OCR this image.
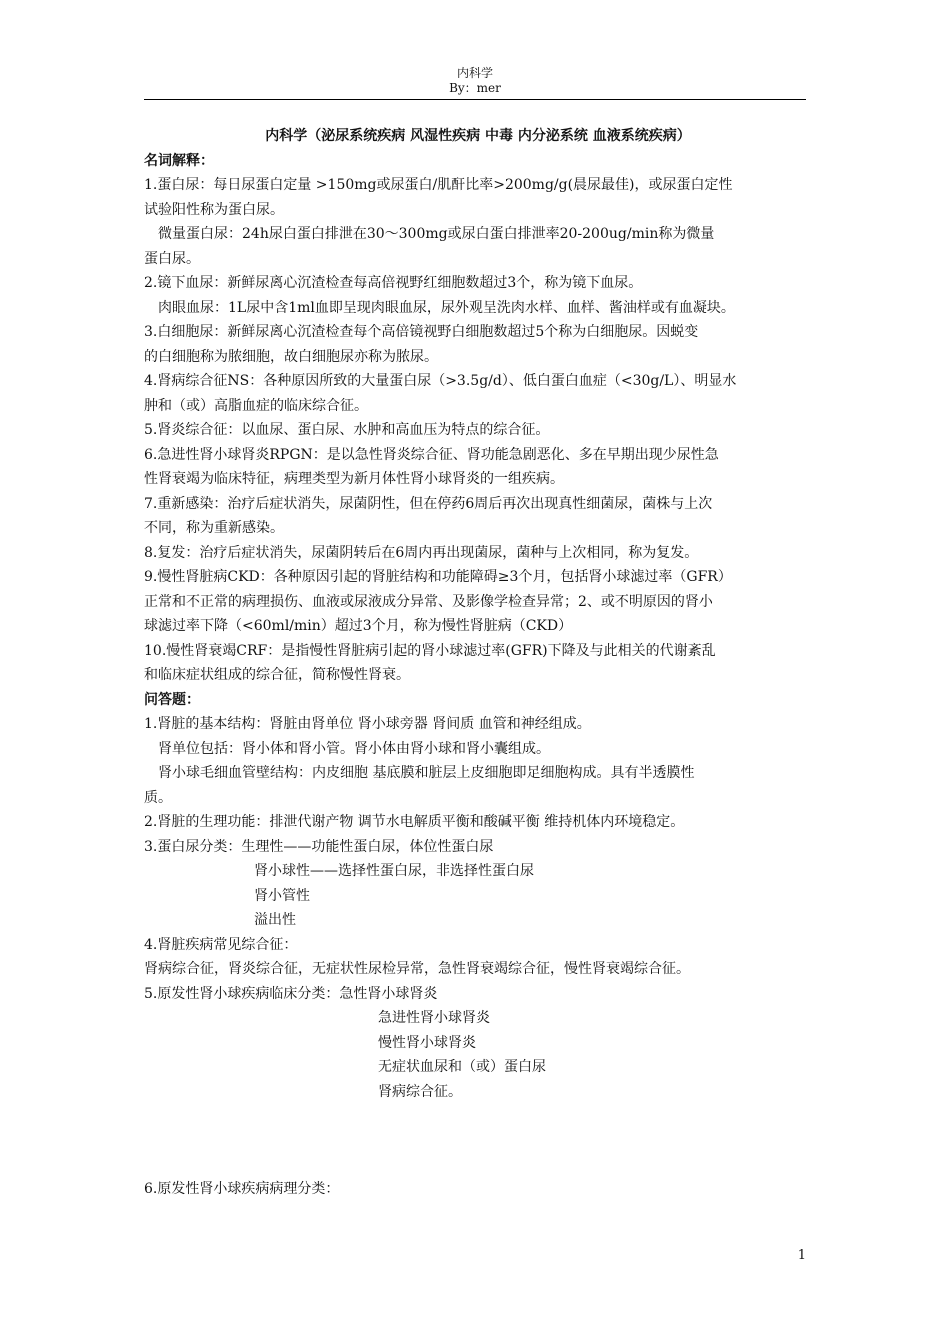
内科学
By：mer

内科学（泌尿系统疾病 风湿性疾病 中毒 内分泌系统 血液系统疾病）

名词解释：

1.蛋白尿：每日尿蛋白定量 >150mg或尿蛋白/肌酐比率>200mg/g(晨尿最佳)，或尿蛋白定性

试验阳性称为蛋白尿。

微量蛋白尿：24h尿白蛋白排泄在30～300mg或尿白蛋白排泄率20-200ug/min称为微量

蛋白尿。

2.镜下血尿：新鲜尿离心沉渣检查每高倍视野红细胞数超过3个，称为镜下血尿。

肉眼血尿：1L尿中含1ml血即呈现肉眼血尿，尿外观呈洗肉水样、血样、酱油样或有血凝块。

3.白细胞尿：新鲜尿离心沉渣检查每个高倍镜视野白细胞数超过5个称为白细胞尿。因蜕变

的白细胞称为脓细胞，故白细胞尿亦称为脓尿。

4.肾病综合征NS：各种原因所致的大量蛋白尿（>3.5g/d）、低白蛋白血症（<30g/L）、明显水

肿和（或）高脂血症的临床综合征。

5.肾炎综合征：以血尿、蛋白尿、水肿和高血压为特点的综合征。

6.急进性肾小球肾炎RPGN：是以急性肾炎综合征、肾功能急剧恶化、多在早期出现少尿性急

性肾衰竭为临床特征，病理类型为新月体性肾小球肾炎的一组疾病。

7.重新感染：治疗后症状消失，尿菌阴性，但在停药6周后再次出现真性细菌尿，菌株与上次

不同，称为重新感染。

8.复发：治疗后症状消失，尿菌阴转后在6周内再出现菌尿，菌种与上次相同，称为复发。

9.慢性肾脏病CKD：各种原因引起的肾脏结构和功能障碍≥3个月，包括肾小球滤过率（GFR）

正常和不正常的病理损伤、血液或尿液成分异常、及影像学检查异常；2、或不明原因的肾小

球滤过率下降（<60ml/min）超过3个月，称为慢性肾脏病（CKD）

10.慢性肾衰竭CRF：是指慢性肾脏病引起的肾小球滤过率(GFR)下降及与此相关的代谢紊乱

和临床症状组成的综合征，简称慢性肾衰。

问答题：

1.肾脏的基本结构：肾脏由肾单位 肾小球旁器 肾间质 血管和神经组成。

肾单位包括：肾小体和肾小管。肾小体由肾小球和肾小囊组成。

肾小球毛细血管壁结构：内皮细胞 基底膜和脏层上皮细胞即足细胞构成。具有半透膜性

质。

2.肾脏的生理功能：排泄代谢产物 调节水电解质平衡和酸碱平衡 维持机体内环境稳定。

3.蛋白尿分类：生理性——功能性蛋白尿，体位性蛋白尿

肾小球性——选择性蛋白尿，非选择性蛋白尿

肾小管性

溢出性

4.肾脏疾病常见综合征：

肾病综合征，肾炎综合征，无症状性尿检异常，急性肾衰竭综合征，慢性肾衰竭综合征。

5.原发性肾小球疾病临床分类：急性肾小球肾炎

急进性肾小球肾炎

慢性肾小球肾炎

无症状血尿和（或）蛋白尿

肾病综合征。

6.原发性肾小球疾病病理分类：

1
